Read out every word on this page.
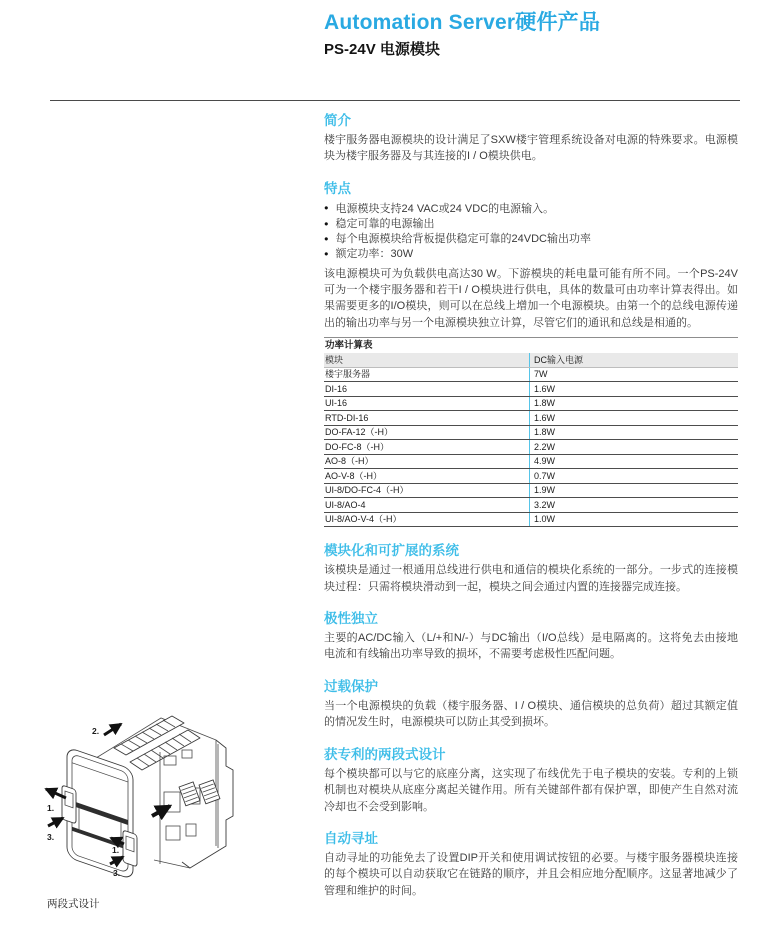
Automation Server硬件产品
PS-24V 电源模块
简介

楼宇服务器电源模块的设计满足了SXW楼宇管理系统设备对电源的特殊要求。电源模块为楼宇服务器及与其连接的I / O模块供电。

特点
● 电源模块支持24 VAC或24 VDC的电源输入。
● 稳定可靠的电源输出
● 每个电源模块给背板提供稳定可靠的24VDC输出功率
● 额定功率：30W

该电源模块可为负载供电高达30 W。下游模块的耗电量可能有所不同。一个PS-24V可为一个楼宇服务器和若干I / O模块进行供电，具体的数量可由功率计算表得出。如果需要更多的I/O模块，则可以在总线上增加一个电源模块。由第一个的总线电源传递出的输出功率与另一个电源模块独立计算，尽管它们的通讯和总线是相通的。

功率计算表
模块	DC输入电源
楼宇服务器	7W
DI-16	1.6W
UI-16	1.8W
RTD-DI-16	1.6W
DO-FA-12（-H）	1.8W
DO-FC-8（-H）	2.2W
AO-8（-H）	4.9W
AO-V-8（-H）	0.7W
UI-8/DO-FC-4（-H）	1.9W
UI-8/AO-4	3.2W
UI-8/AO-V-4（-H）	1.0W
模块化和可扩展的系统

该模块是通过一根通用总线进行供电和通信的模块化系统的一部分。一步式的连接模块过程：只需将模块滑动到一起，模块之间会通过内置的连接器完成连接。

极性独立

主要的AC/DC输入（L/+和N/-）与DC输出（I/O总线）是电隔离的。这将免去由接地电流和有线输出功率导致的损坏，不需要考虑极性匹配问题。

过载保护

当一个电源模块的负载（楼宇服务器、I / O模块、通信模块的总负荷）超过其额定值的情况发生时，电源模块可以防止其受到损坏。

获专利的两段式设计

每个模块都可以与它的底座分离，这实现了布线优先于电子模块的安装。专利的上锁机制也对模块从底座分离起关键作用。所有关键部件都有保护罩，即使产生自然对流冷却也不会受到影响。

自动寻址

自动寻址的功能免去了设置DIP开关和使用调试按钮的必要。与楼宇服务器模块连接的每个模块可以自动获取它在链路的顺序，并且会相应地分配顺序。这显著地减少了管理和维护的时间。

2.
1.
3.
1.
3.
两段式设计
